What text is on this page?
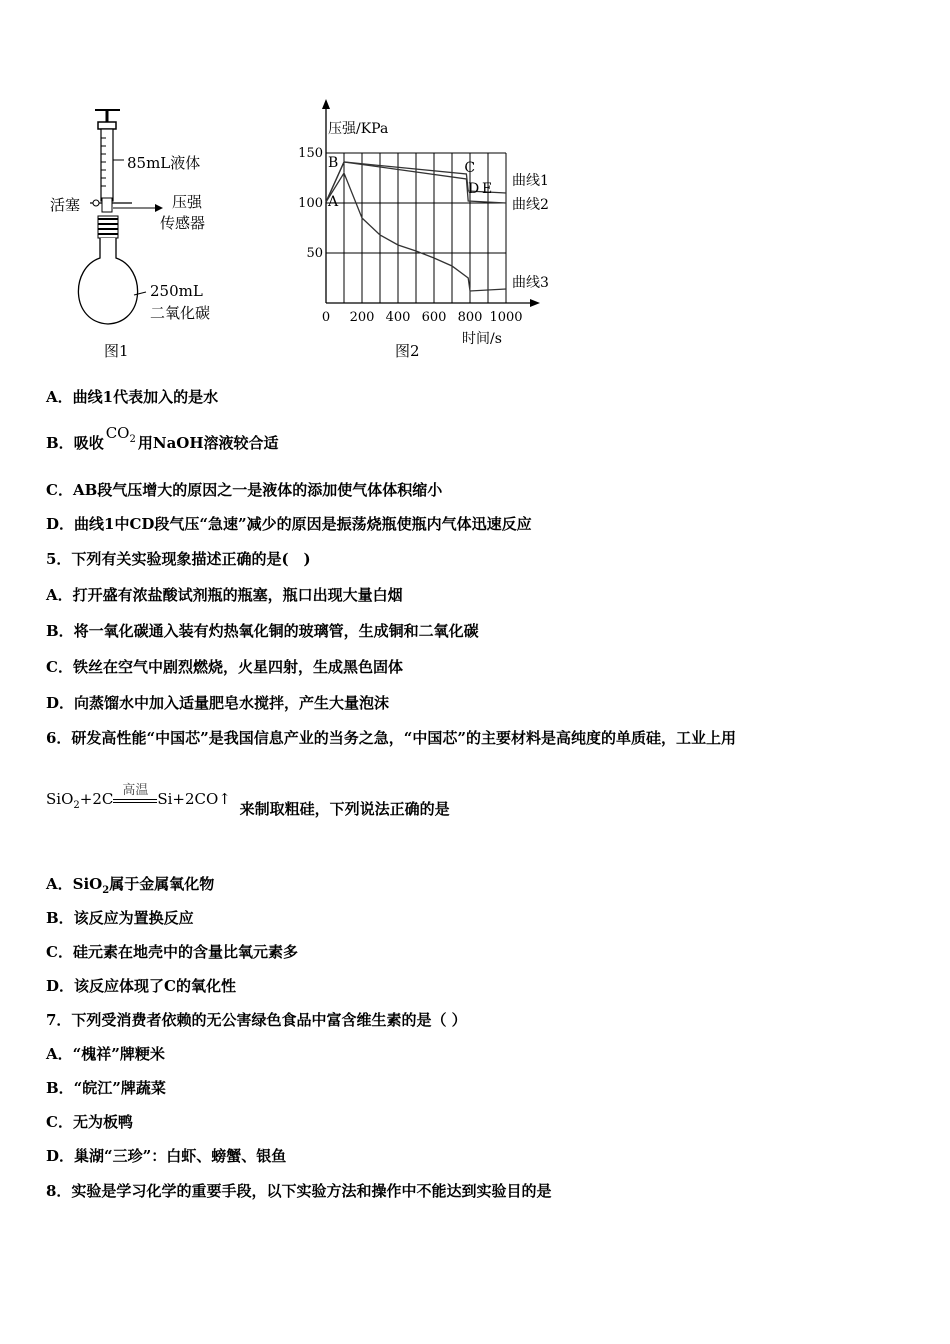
85mL液体
活塞	压强
传感器
250mL
二氧化碳
图1
0 200 400 600 800 1000
50
100
150
压强/KPa
时间/s
A
B	C
D E 曲线1
曲线2
曲线3
图2
A．曲线1代表加入的是水
B．吸收$CO_2$ 用NaOH溶液较合适
C．AB段气压增大的原因之一是液体的添加使气体体积缩小
D．曲线1中CD段气压“急速”减少的原因是振荡烧瓶使瓶内气体迅速反应
5．下列有关实验现象描述正确的是(　)
A．打开盛有浓盐酸试剂瓶的瓶塞，瓶口出现大量白烟
B．将一氧化碳通入装有灼热氧化铜的玻璃管，生成铜和二氧化碳
C．铁丝在空气中剧烈燃烧，火星四射，生成黑色固体
D．向蒸馏水中加入适量肥皂水搅拌，产生大量泡沫
6．研发高性能“中国芯”是我国信息产业的当务之急，“中国芯”的主要材料是高纯度的单质硅，工业上用
SiO$_2$+2C 高温 Si+2CO↑ 来制取粗硅，下列说法正确的是
A．SiO$_2$属于金属氧化物
B．该反应为置换反应
C．硅元素在地壳中的含量比氧元素多
D．该反应体现了C的氧化性
7．下列受消费者依赖的无公害绿色食品中富含维生素的是（ ）
A．“槐祥”牌粳米
B．“皖江”牌蔬菜
C．无为板鸭
D．巢湖“三珍”：白虾、螃蟹、银鱼
8．实验是学习化学的重要手段，以下实验方法和操作中不能达到实验目的是
